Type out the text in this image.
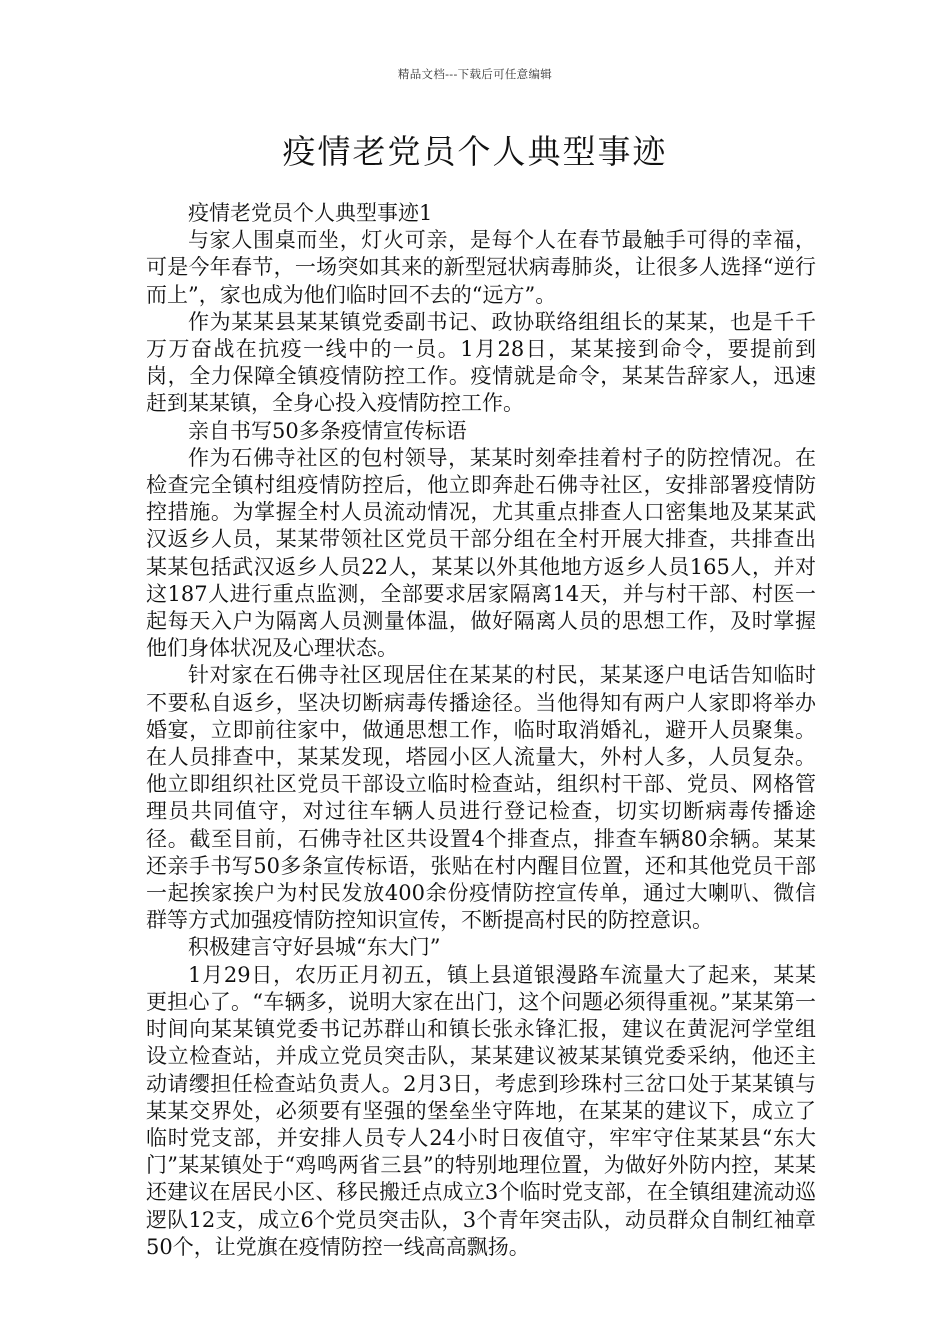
精品文档---下载后可任意编辑
疫情老党员个人典型事迹

疫情老党员个人典型事迹1

与家人围桌而坐，灯火可亲，是每个人在春节最触手可得的幸福，可是今年春节，一场突如其来的新型冠状病毒肺炎，让很多人选择“逆行而上”，家也成为他们临时回不去的“远方”。

作为某某县某某镇党委副书记、政协联络组组长的某某，也是千千万万奋战在抗疫一线中的一员。1月28日，某某接到命令，要提前到岗，全力保障全镇疫情防控工作。疫情就是命令，某某告辞家人，迅速赶到某某镇，全身心投入疫情防控工作。

亲自书写50多条疫情宣传标语

作为石佛寺社区的包村领导，某某时刻牵挂着村子的防控情况。在检查完全镇村组疫情防控后，他立即奔赴石佛寺社区，安排部署疫情防控措施。为掌握全村人员流动情况，尤其重点排查人口密集地及某某武汉返乡人员，某某带领社区党员干部分组在全村开展大排查，共排查出某某包括武汉返乡人员22人，某某以外其他地方返乡人员165人，并对这187人进行重点监测，全部要求居家隔离14天，并与村干部、村医一起每天入户为隔离人员测量体温，做好隔离人员的思想工作，及时掌握他们身体状况及心理状态。

针对家在石佛寺社区现居住在某某的村民，某某逐户电话告知临时不要私自返乡，坚决切断病毒传播途径。当他得知有两户人家即将举办婚宴，立即前往家中，做通思想工作，临时取消婚礼，避开人员聚集。在人员排查中，某某发现，塔园小区人流量大，外村人多，人员复杂。他立即组织社区党员干部设立临时检查站，组织村干部、党员、网格管理员共同值守，对过往车辆人员进行登记检查，切实切断病毒传播途径。截至目前，石佛寺社区共设置4个排查点，排查车辆80余辆。某某还亲手书写50多条宣传标语，张贴在村内醒目位置，还和其他党员干部一起挨家挨户为村民发放400余份疫情防控宣传单，通过大喇叭、微信群等方式加强疫情防控知识宣传，不断提高村民的防控意识。

积极建言守好县城“东大门”

1月29日，农历正月初五，镇上县道银漫路车流量大了起来，某某更担心了。“车辆多，说明大家在出门，这个问题必须得重视。”某某第一时间向某某镇党委书记苏群山和镇长张永锋汇报，建议在黄泥河学堂组设立检查站，并成立党员突击队，某某建议被某某镇党委采纳，他还主动请缨担任检查站负责人。2月3日，考虑到珍珠村三岔口处于某某镇与某某交界处，必须要有坚强的堡垒坐守阵地，在某某的建议下，成立了临时党支部，并安排人员专人24小时日夜值守，牢牢守住某某县“东大门”某某镇处于“鸡鸣两省三县”的特别地理位置，为做好外防内控，某某还建议在居民小区、移民搬迁点成立3个临时党支部，在全镇组建流动巡逻队12支，成立6个党员突击队，3个青年突击队，动员群众自制红袖章50个，让党旗在疫情防控一线高高飘扬。
